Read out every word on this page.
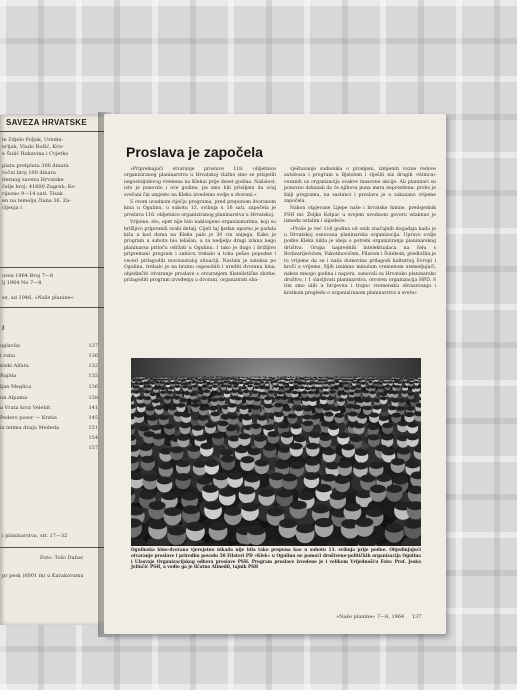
SAVEZA HRVATSKE
le Zdjelo Poljak, Uredni-
erljak, Vlado Bošić, Kru-
e Šulić Rukavina i Cvjetko
plata pretplata 300 dinara
ročni broj 100 dinara
iternog saveza Hrvatske
ćelje broj: 41600 Zagreb, Ko-
rijesno 9—14 sati. Tisak
en na temelju člana 36. Za-
cljenja i
uvez 1964 Broj 7—8
lj 1964 No 7—8
ez, ad 1946, »Naše planine«
J
oglavila	137
i rubu	136
niski Alfatu	132
Rajlda	135
ljan Meglica	136
un Alpama	138
a Vrata kroz Velebit	141
Pedero posor — Krstie	145
ia lelima dvaju Mededa	151
154
157
i planinarstva, str. 17—32
Foto: Tošo Dabac
pr pesk (6001 m) u Karakorumu
Proslava je započela

»Pripremajući otvaranje proslave 118. obljetnice organiziranog planinarstva u Hrvatskoj vlažno smo se prisjetili negostoljubivog vremena na Klekui prije deset godina. Nažalost, isto je ponovilo i ove godine, pa smo bili prisiljeni da ovaj svečani čin umjesto na Kleku izvedemo ovdje u dvorani.«

S ovom uvodnom riječju programa, pred prepunom dvoranom kina u Ogulinu, u subotu 13. svibnja u 16 sati, započela je proslava 116. obljetnice organiziranog planinarstva u Hrvatskoj.

Vrijeme, eto, opet nije bilo naklonjeno organizatorima, koji su brižljivo pripremili svaki detalj. Cijeli taj ljeđan uporno je padala kiša a kod doma na Kleku palo je 30 cm snijega. Kako je program u subotu bio lelašan, a za nedjelju drugi izlana nego planinarsa pritoču održati u Ogulinu. I tako je dugo i brižljivo pripremani program i zabiicu trebalo u toku pešao popodne i veceri prilagoditi novonastaloj situaciji. Nastala je sateksa po Ogulinu, trebalo je na brzinu osposobiti i urediti dvoranu kina, objedinčiti otvaranje proslave s otvaranjem filatelističke zbirke, prilagoditi program izvođenju u dvorani, organizirati oba-

vještavanje sudionika o promjeni, izmjeniti vozne redove autobusa i program u Bjelolom i riješiti niz drugih »titnica« vezanih uz organizaciju ovakve masovne akcije. Ali planinari su ponovno dokazali da će njihova puna mera nepoteđena: probo je žalji programu, na sastanci i proslava je u zakazano vrijeme započela.

Nakon otpjevane Lijepe naše i hrvatske himne, predsjednik PSH mr. Željko Kelpac u svojem uvodnom govoru istaknuo je između ostalim i slijedeće:

»Proše je već 116 godina od onih značajnih događaja kada je u Hrvatskoj osnovana planinarska organizacija. Upravo ovdje podno Kleka nikla je ideja o potrebi organiziranja planinarskog društva. Grupa naprednih intelektualaca na čelu s Bodizarijevićem, Vukotinovićem, Pilarom i Šulekom, predložila je to vrijeme da se i naša domovina prilagodi kulturnoj Evropi i kroči u vrijeme. Njih iznimno minulum vremenom utemeljujući, nakon mnogo godina i napora, osnovali su Hrvatsko planinarsko društvo, i 1 slavljivati planinarstva, otvoren organizacija HPD. S tim smo ulili u brojevnu i trajno vremensku obrazovanju i kratkom pregledu o organiziranom planinarstva u svetu«

Ogulinska kino-dvorana vjerojatno nikada nije bila tako prepuna kao u subotu 13. svibnja prije podne. Objedinjujući otvaranje proslave i priredbu povodu 50 Filateri PD »Klek« u Ogulinu ne pomoći društvene-političkih organizacija Ogulina i Ulasvaje Organizacijskog odbora proslave PSH. Program proslave izvedene je i velikom Vrijednošću Foto: Prof. Jesko Jelinčić PSH, a vodio ga je ličatno Alinedil, tajnik PSH
»Naše planine« 7—8, 1964 137
